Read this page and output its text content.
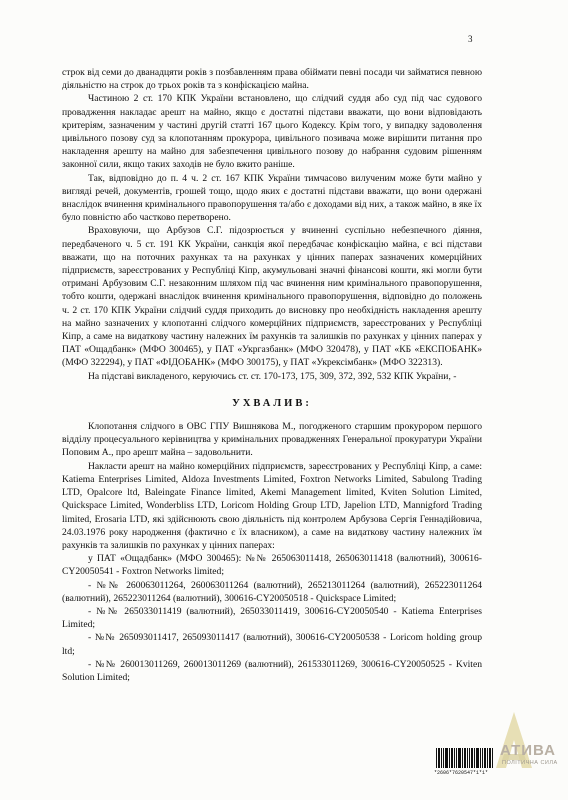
3

строк від семи до дванадцяти років з позбавленням права обіймати певні посади чи займатися певною діяльністю на строк до трьох років та з конфіскацією майна.

Частиною 2 ст. 170 КПК України встановлено, що слідчий суддя або суд під час судового провадження накладає арешт на майно, якщо є достатні підстави вважати, що вони відповідають критеріям, зазначеним у частині другій статті 167 цього Кодексу. Крім того, у випадку задоволення цивільного позову суд за клопотанням прокурора, цивільного позивача може вирішити питання про накладення арешту на майно для забезпечення цивільного позову до набрання судовим рішенням законної сили, якщо таких заходів не було вжито раніше.

Так, відповідно до п. 4 ч. 2 ст. 167 КПК України тимчасово вилученим може бути майно у вигляді речей, документів, грошей тощо, щодо яких є достатні підстави вважати, що вони одержані внаслідок вчинення кримінального правопорушення та/або є доходами від них, а також майно, в яке їх було повністю або частково перетворено.

Враховуючи, що Арбузов С.Г. підозрюється у вчиненні суспільно небезпечного діяння, передбаченого ч. 5 ст. 191 КК України, санкція якої передбачає конфіскацію майна, є всі підстави вважати, що на поточних рахунках та на рахунках у цінних паперах зазначених комерційних підприємств, зареєстрованих у Республіці Кіпр, акумульовані значні фінансові кошти, які могли бути отримані Арбузовим С.Г. незаконним шляхом під час вчинення ним кримінального правопорушення, тобто кошти, одержані внаслідок вчинення кримінального правопорушення, відповідно до положень ч. 2 ст. 170 КПК України слідчий суддя приходить до висновку про необхідність накладення арешту на майно зазначених у клопотанні слідчого комерційних підприємств, зареєстрованих у Республіці Кіпр, а саме на видаткову частину належних їм рахунків та залишків по рахунках у цінних паперах у ПАТ «Ощадбанк» (МФО 300465), у ПАТ «Укргазбанк» (МФО 320478), у ПАТ «КБ «ЕКСПОБАНК» (МФО 322294), у ПАТ «ФІДОБАНК» (МФО 300175), у ПАТ «Укрексімбанк» (МФО 322313).

На підставі викладеного, керуючись ст. ст. 170-173, 175, 309, 372, 392, 532 КПК України, -

УХВАЛИВ:

Клопотання слідчого в ОВС ГПУ Вишнякова М., погодженого старшим прокурором першого відділу процесуального керівництва у кримінальних провадженнях Генеральної прокуратури України Поповим А., про арешт майна – задовольнити.

Накласти арешт на майно комерційних підприємств, зареєстрованих у Республіці Кіпр, а саме: Katiema Enterprises Limited, Aldoza Investments Limited, Foxtron Networks Limited, Sabulong Trading LTD, Opalcore ltd, Baleingate Finance limited, Akemi Management limited, Kviten Solution Limited, Quickspace Limited, Wonderbliss LTD, Loricom Holding Group LTD, Japelion LTD, Mannigford Trading limited, Erosaria LTD, які здійснюють свою діяльність під контролем Арбузова Сергія Геннадійовича, 24.03.1976 року народження (фактично є їх власником), а саме на видаткову частину належних їм рахунків та залишків по рахунках у цінних паперах:

у ПАТ «Ощадбанк» (МФО 300465): №№ 265063011418, 265063011418 (валютний), 300616-CY20050541 - Foxtron Networks limited;

- №№ 260063011264, 260063011264 (валютний), 265213011264 (валютний), 265223011264 (валютний), 265223011264 (валютний), 300616-CY20050518 - Quickspace Limited;

- №№ 265033011419 (валютний), 265033011419, 300616-CY20050540 - Katiema Enterprises Limited;

- №№ 265093011417, 265093011417 (валютний), 300616-CY20050538 - Loricom holding group ltd;

- №№ 260013011269, 260013011269 (валютний), 261533011269, 300616-CY20050525 - Kviten Solution Limited;

АТИВА
ПОЛІТИЧНА СИЛА
*2606*7620547*1*1*
